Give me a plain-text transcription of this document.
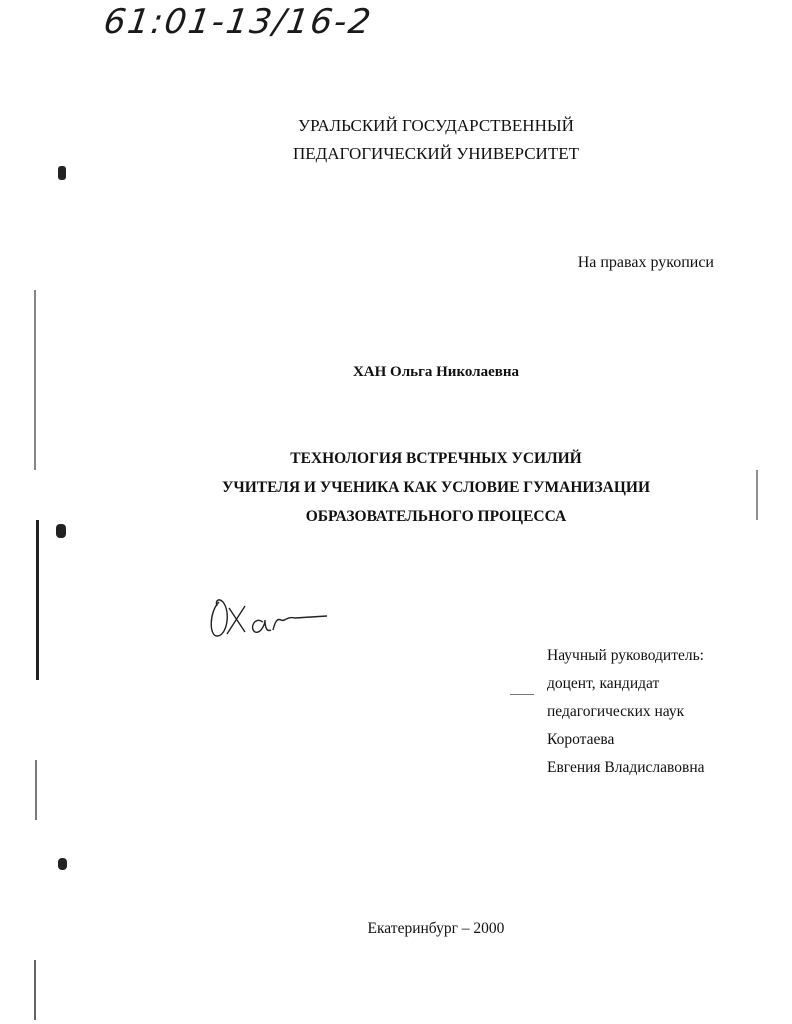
61:01-13/16-2
УРАЛЬСКИЙ ГОСУДАРСТВЕННЫЙ
ПЕДАГОГИЧЕСКИЙ УНИВЕРСИТЕТ
На правах рукописи
ХАН Ольга Николаевна
ТЕХНОЛОГИЯ ВСТРЕЧНЫХ УСИЛИЙ
УЧИТЕЛЯ И УЧЕНИКА КАК УСЛОВИЕ ГУМАНИЗАЦИИ
ОБРАЗОВАТЕЛЬНОГО ПРОЦЕССА
Научный руководитель:
доцент, кандидат
педагогических наук
Коротаева
Евгения Владиславовна
Екатеринбург – 2000
